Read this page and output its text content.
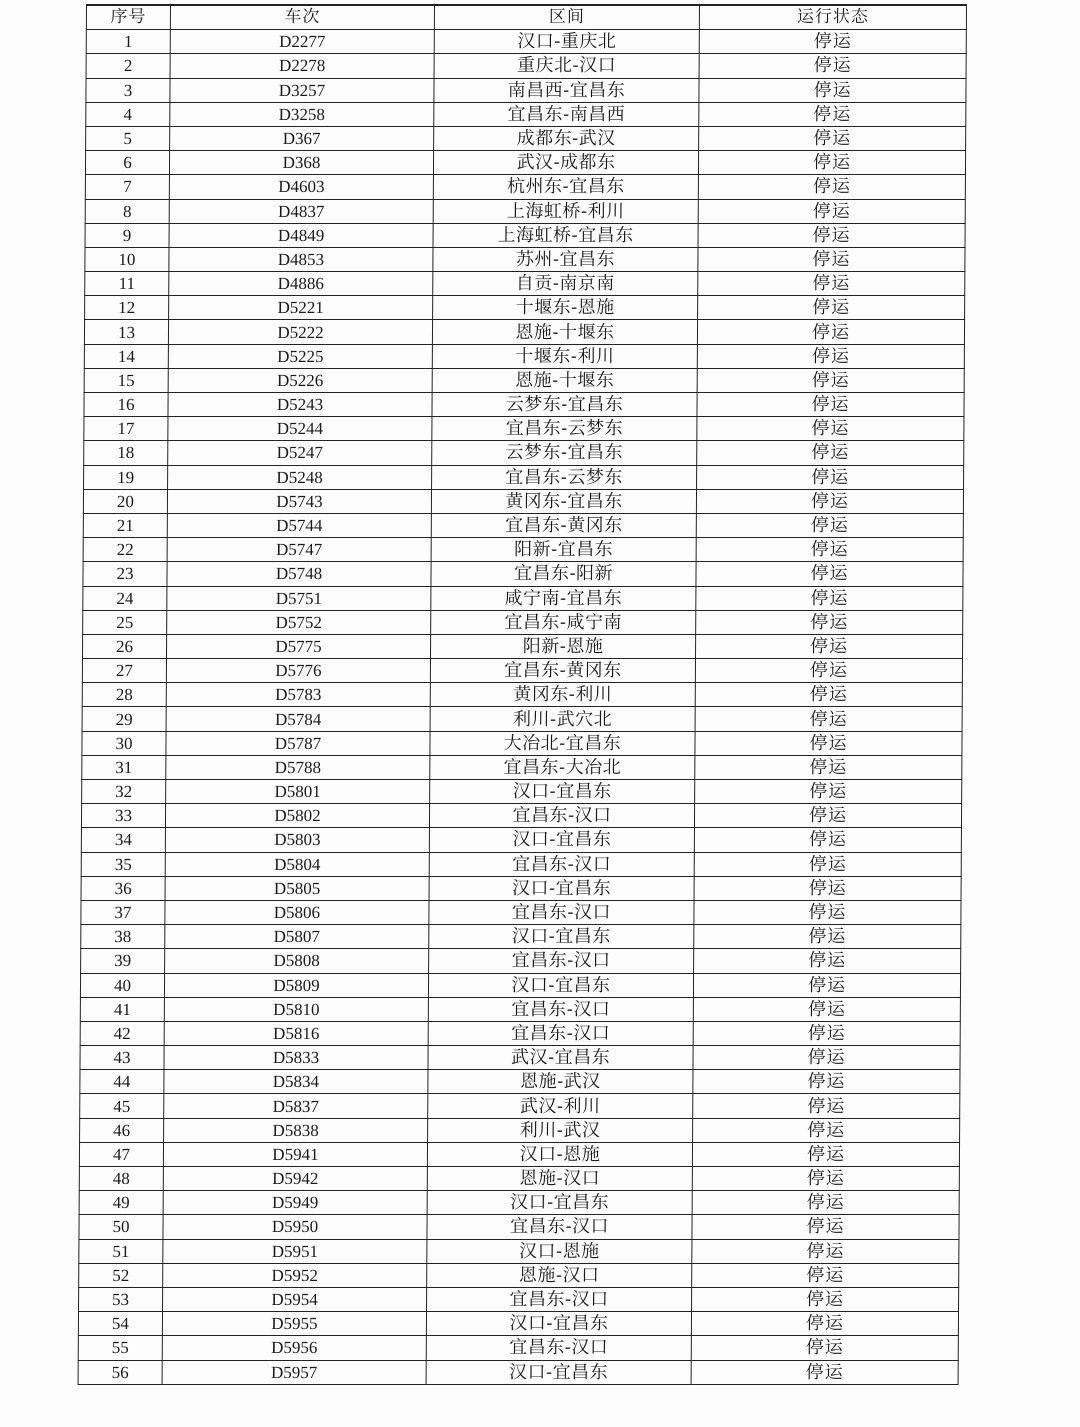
序号	车次	区间	运行状态
1	D2277	汉口-重庆北	停运
2	D2278	重庆北-汉口	停运
3	D3257	南昌西-宜昌东	停运
4	D3258	宜昌东-南昌西	停运
5	D367	成都东-武汉	停运
6	D368	武汉-成都东	停运
7	D4603	杭州东-宜昌东	停运
8	D4837	上海虹桥-利川	停运
9	D4849	上海虹桥-宜昌东	停运
10	D4853	苏州-宜昌东	停运
11	D4886	自贡-南京南	停运
12	D5221	十堰东-恩施	停运
13	D5222	恩施-十堰东	停运
14	D5225	十堰东-利川	停运
15	D5226	恩施-十堰东	停运
16	D5243	云梦东-宜昌东	停运
17	D5244	宜昌东-云梦东	停运
18	D5247	云梦东-宜昌东	停运
19	D5248	宜昌东-云梦东	停运
20	D5743	黄冈东-宜昌东	停运
21	D5744	宜昌东-黄冈东	停运
22	D5747	阳新-宜昌东	停运
23	D5748	宜昌东-阳新	停运
24	D5751	咸宁南-宜昌东	停运
25	D5752	宜昌东-咸宁南	停运
26	D5775	阳新-恩施	停运
27	D5776	宜昌东-黄冈东	停运
28	D5783	黄冈东-利川	停运
29	D5784	利川-武穴北	停运
30	D5787	大冶北-宜昌东	停运
31	D5788	宜昌东-大冶北	停运
32	D5801	汉口-宜昌东	停运
33	D5802	宜昌东-汉口	停运
34	D5803	汉口-宜昌东	停运
35	D5804	宜昌东-汉口	停运
36	D5805	汉口-宜昌东	停运
37	D5806	宜昌东-汉口	停运
38	D5807	汉口-宜昌东	停运
39	D5808	宜昌东-汉口	停运
40	D5809	汉口-宜昌东	停运
41	D5810	宜昌东-汉口	停运
42	D5816	宜昌东-汉口	停运
43	D5833	武汉-宜昌东	停运
44	D5834	恩施-武汉	停运
45	D5837	武汉-利川	停运
46	D5838	利川-武汉	停运
47	D5941	汉口-恩施	停运
48	D5942	恩施-汉口	停运
49	D5949	汉口-宜昌东	停运
50	D5950	宜昌东-汉口	停运
51	D5951	汉口-恩施	停运
52	D5952	恩施-汉口	停运
53	D5954	宜昌东-汉口	停运
54	D5955	汉口-宜昌东	停运
55	D5956	宜昌东-汉口	停运
56	D5957	汉口-宜昌东	停运
